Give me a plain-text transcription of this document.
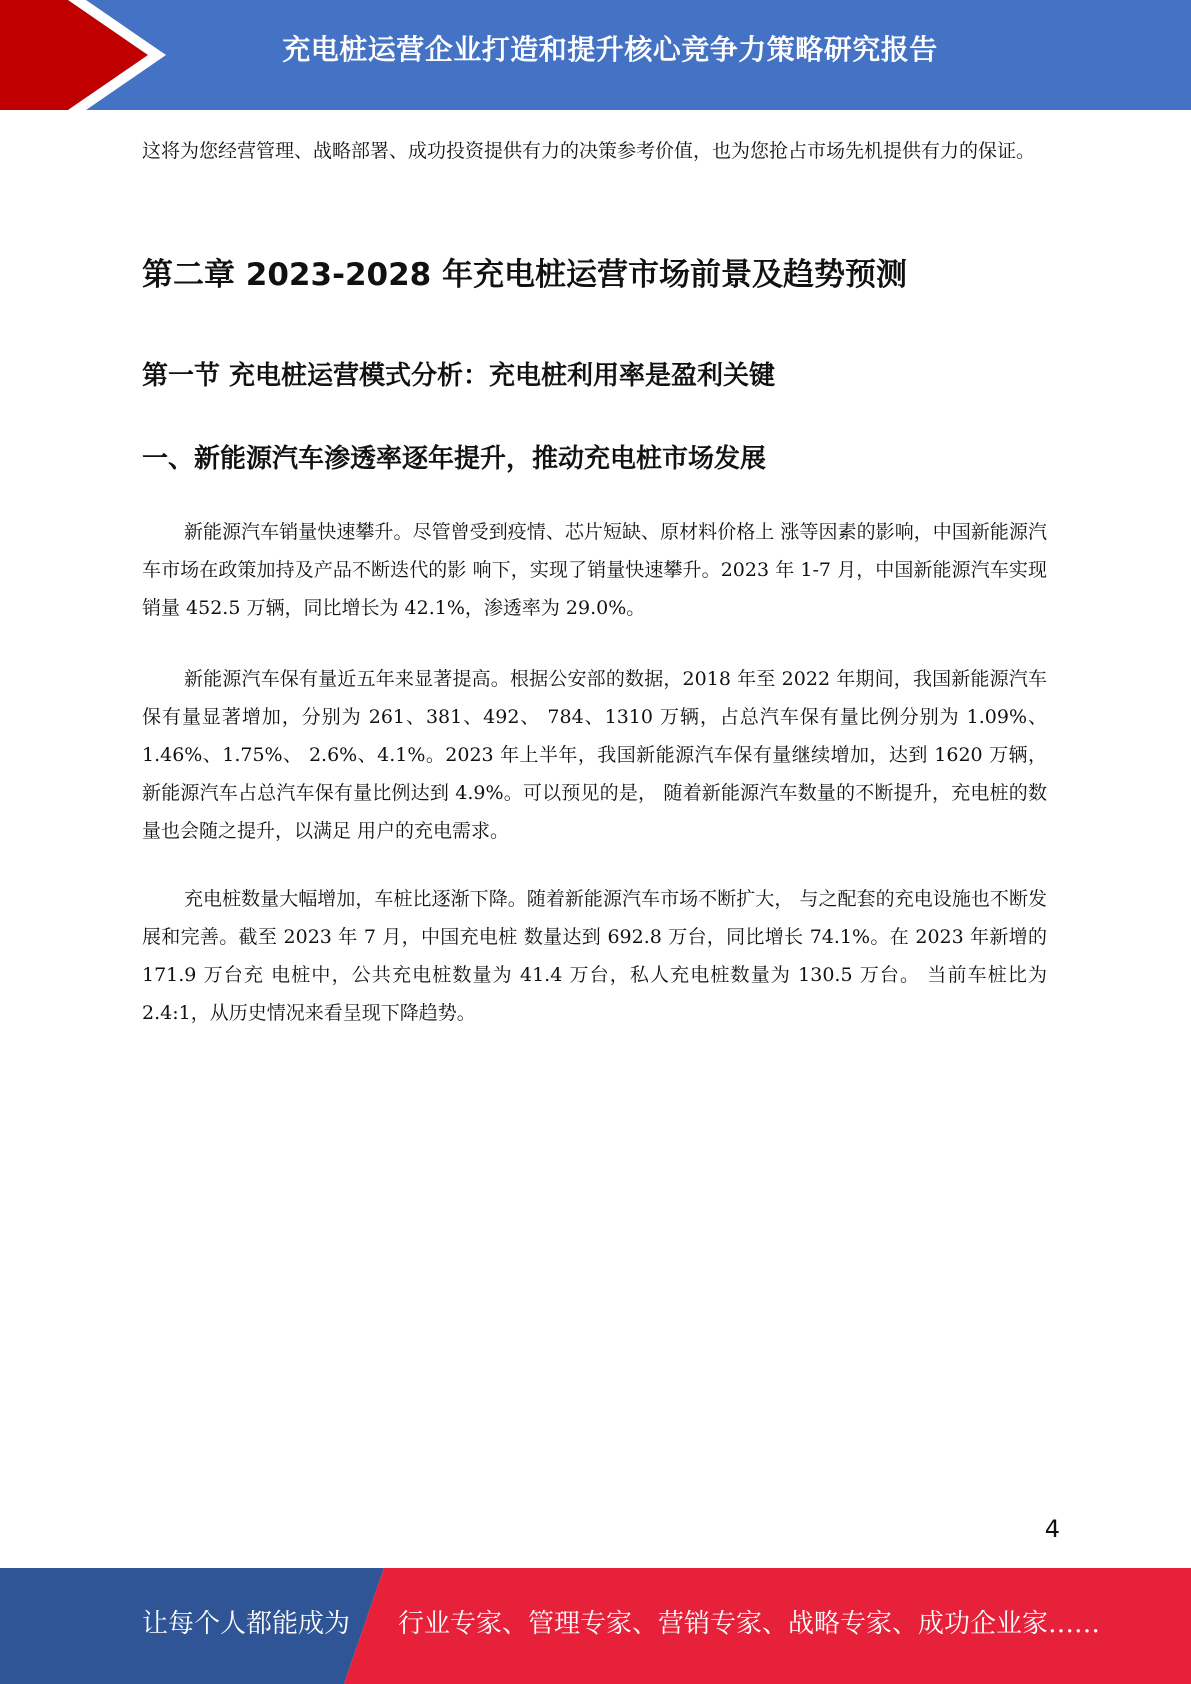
充电桩运营企业打造和提升核心竞争力策略研究报告

这将为您经营管理、战略部署、成功投资提供有力的决策参考价值，也为您抢占市场先机提供有力的保证。

第二章 2023-2028 年充电桩运营市场前景及趋势预测
第一节 充电桩运营模式分析：充电桩利用率是盈利关键
一、新能源汽车渗透率逐年提升，推动充电桩市场发展

新能源汽车销量快速攀升。尽管曾受到疫情、芯片短缺、原材料价格上 涨等因素的影响，中国新能源汽车市场在政策加持及产品不断迭代的影 响下，实现了销量快速攀升。2023 年 1-7 月，中国新能源汽车实现销量 452.5 万辆，同比增长为 42.1%，渗透率为 29.0%。

新能源汽车保有量近五年来显著提高。根据公安部的数据，2018 年至 2022 年期间，我国新能源汽车保有量显著增加，分别为 261、381、492、 784、1310 万辆，占总汽车保有量比例分别为 1.09%、1.46%、1.75%、 2.6%、4.1%。2023 年上半年，我国新能源汽车保有量继续增加，达到 1620 万辆，新能源汽车占总汽车保有量比例达到 4.9%。可以预见的是， 随着新能源汽车数量的不断提升，充电桩的数量也会随之提升，以满足 用户的充电需求。

充电桩数量大幅增加，车桩比逐渐下降。随着新能源汽车市场不断扩大， 与之配套的充电设施也不断发展和完善。截至 2023 年 7 月，中国充电桩 数量达到 692.8 万台，同比增长 74.1%。在 2023 年新增的 171.9 万台充 电桩中，公共充电桩数量为 41.4 万台，私人充电桩数量为 130.5 万台。 当前车桩比为 2.4:1，从历史情况来看呈现下降趋势。

4
让每个人都能成为 行业专家、管理专家、营销专家、战略专家、成功企业家……
